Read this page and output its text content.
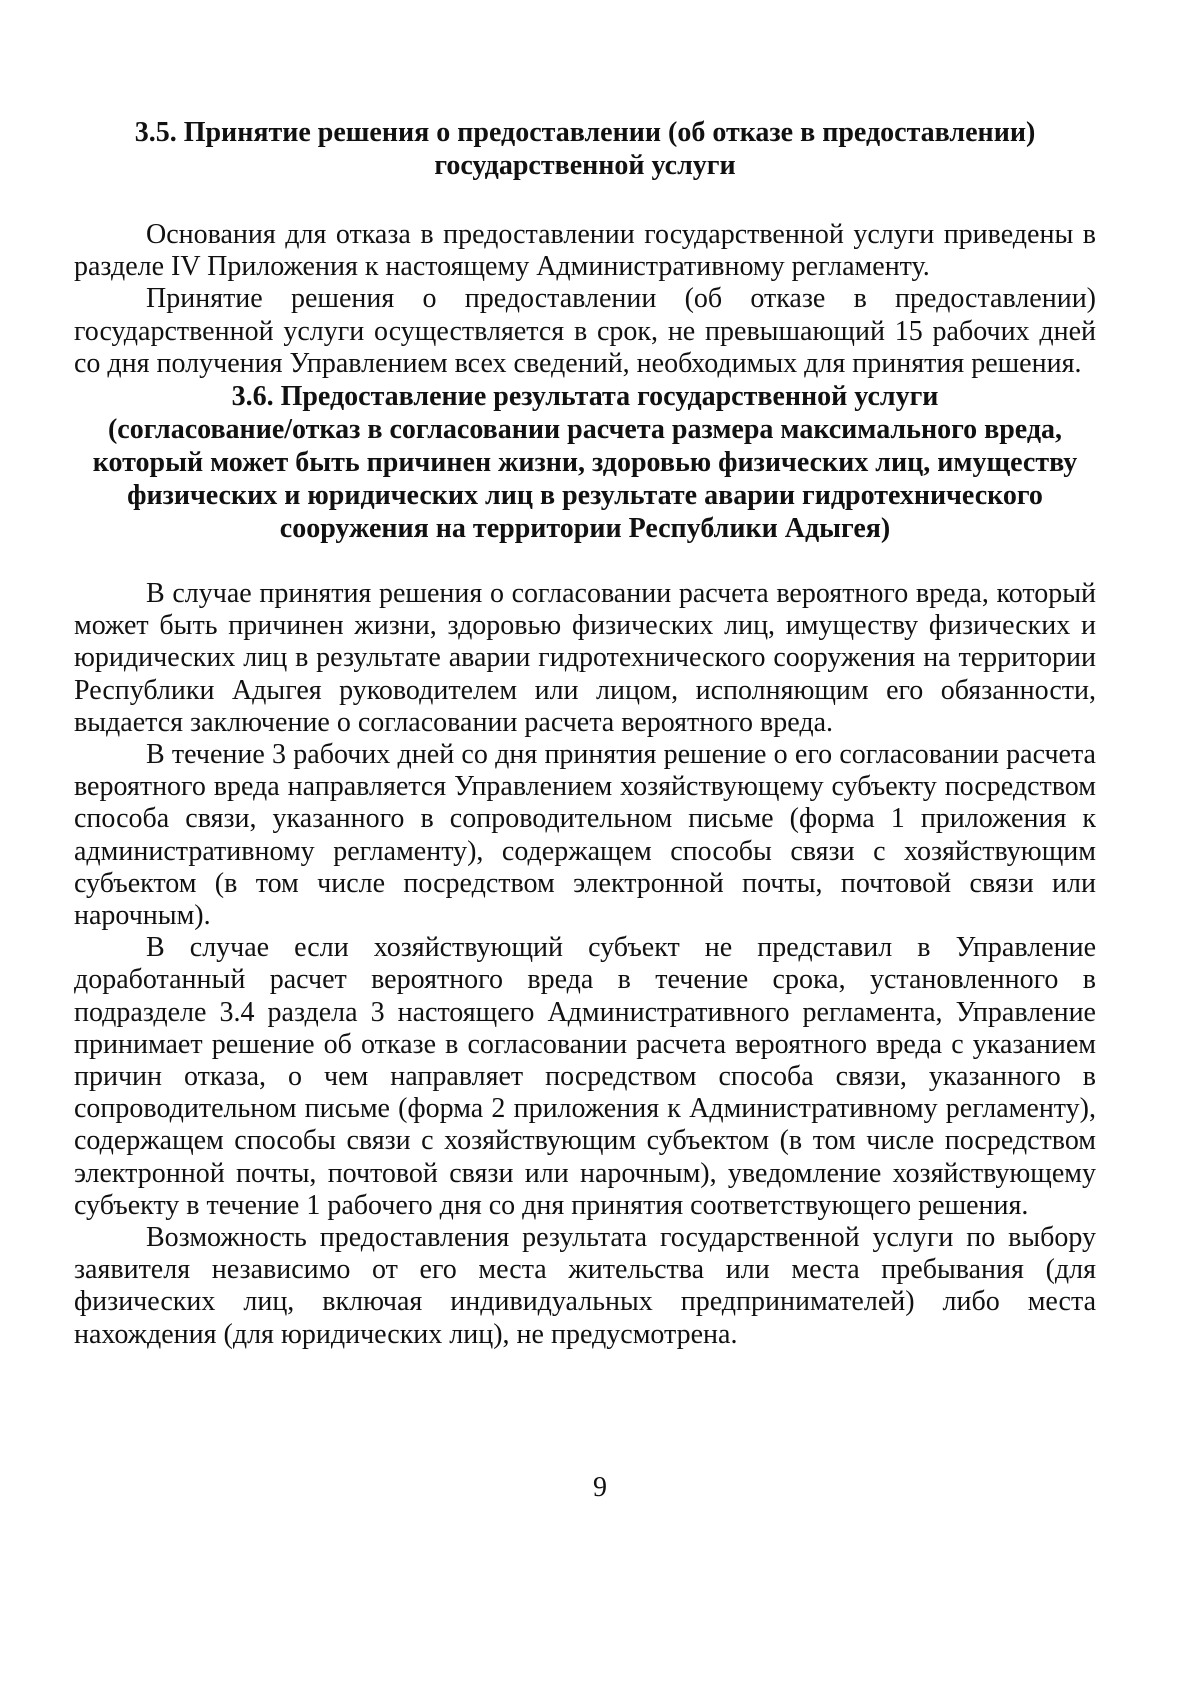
3.5. Принятие решения о предоставлении (об отказе в предоставлении)
государственной услуги

Основания для отказа в предоставлении государственной услуги приведены в разделе IV Приложения к настоящему Административному регламенту.

Принятие решения о предоставлении (об отказе в предоставлении) государственной услуги осуществляется в срок, не превышающий 15 рабочих дней со дня получения Управлением всех сведений, необходимых для принятия решения.

3.6. Предоставление результата государственной услуги
(согласование/отказ в согласовании расчета размера максимального вреда,
который может быть причинен жизни, здоровью физических лиц, имуществу
физических и юридических лиц в результате аварии гидротехнического
сооружения на территории Республики Адыгея)

В случае принятия решения о согласовании расчета вероятного вреда, который может быть причинен жизни, здоровью физических лиц, имуществу физических и юридических лиц в результате аварии гидротехнического сооружения на территории Республики Адыгея руководителем или лицом, исполняющим его обязанности, выдается заключение о согласовании расчета вероятного вреда.

В течение 3 рабочих дней со дня принятия решение о его согласовании расчета вероятного вреда направляется Управлением хозяйствующему субъекту посредством способа связи, указанного в сопроводительном письме (форма 1 приложения к административному регламенту), содержащем способы связи с хозяйствующим субъектом (в том числе посредством электронной почты, почтовой связи или нарочным).

В случае если хозяйствующий субъект не представил в Управление доработанный расчет вероятного вреда в течение срока, установленного в подразделе 3.4 раздела 3 настоящего Административного регламента, Управление принимает решение об отказе в согласовании расчета вероятного вреда с указанием причин отказа, о чем направляет посредством способа связи, указанного в сопроводительном письме (форма 2 приложения к Административному регламенту), содержащем способы связи с хозяйствующим субъектом (в том числе посредством электронной почты, почтовой связи или нарочным), уведомление хозяйствующему субъекту в течение 1 рабочего дня со дня принятия соответствующего решения.

Возможность предоставления результата государственной услуги по выбору заявителя независимо от его места жительства или места пребывания (для физических лиц, включая индивидуальных предпринимателей) либо места нахождения (для юридических лиц), не предусмотрена.

9
